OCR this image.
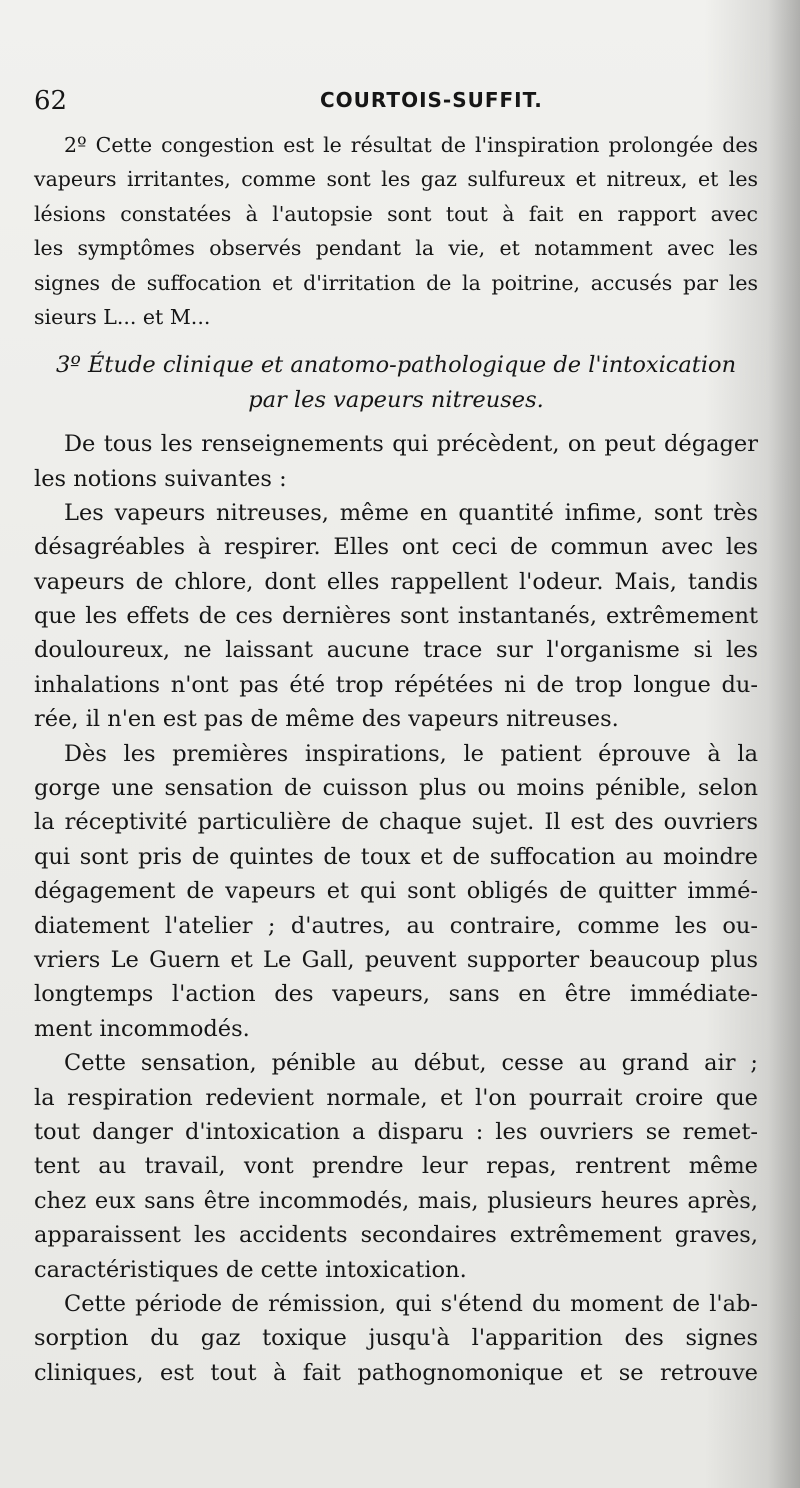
62	COURTOIS-SUFFIT.
2º Cette congestion est le résultat de l'inspiration prolongée des
vapeurs irritantes, comme sont les gaz sulfureux et nitreux, et les
lésions constatées à l'autopsie sont tout à fait en rapport avec
les symptômes observés pendant la vie, et notamment avec les
signes de suffocation et d'irritation de la poitrine, accusés par les
sieurs L... et M...
3º Étude clinique et anatomo-pathologique de l'intoxication
par les vapeurs nitreuses.
De tous les renseignements qui précèdent, on peut dégager
les notions suivantes :
Les vapeurs nitreuses, même en quantité infime, sont très
désagréables à respirer. Elles ont ceci de commun avec les
vapeurs de chlore, dont elles rappellent l'odeur. Mais, tandis
que les effets de ces dernières sont instantanés, extrêmement
douloureux, ne laissant aucune trace sur l'organisme si les
inhalations n'ont pas été trop répétées ni de trop longue du-
rée, il n'en est pas de même des vapeurs nitreuses.
Dès les premières inspirations, le patient éprouve à la
gorge une sensation de cuisson plus ou moins pénible, selon
la réceptivité particulière de chaque sujet. Il est des ouvriers
qui sont pris de quintes de toux et de suffocation au moindre
dégagement de vapeurs et qui sont obligés de quitter immé-
diatement l'atelier ; d'autres, au contraire, comme les ou-
vriers Le Guern et Le Gall, peuvent supporter beaucoup plus
longtemps l'action des vapeurs, sans en être immédiate-
ment incommodés.
Cette sensation, pénible au début, cesse au grand air ;
la respiration redevient normale, et l'on pourrait croire que
tout danger d'intoxication a disparu : les ouvriers se remet-
tent au travail, vont prendre leur repas, rentrent même
chez eux sans être incommodés, mais, plusieurs heures après,
apparaissent les accidents secondaires extrêmement graves,
caractéristiques de cette intoxication.
Cette période de rémission, qui s'étend du moment de l'ab-
sorption du gaz toxique jusqu'à l'apparition des signes
cliniques, est tout à fait pathognomonique et se retrouve
